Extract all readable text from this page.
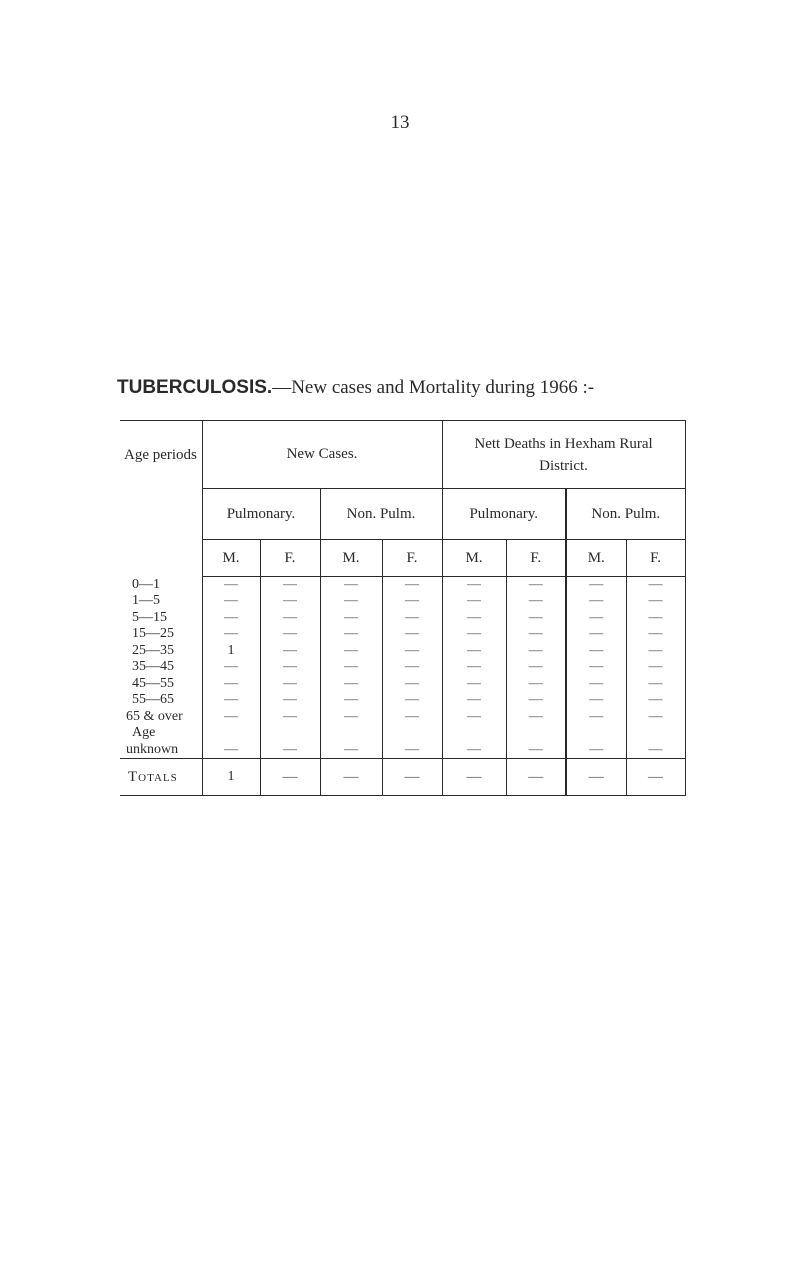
13
TUBERCULOSIS.—New cases and Mortality during 1966 :-
Age periods	New Cases.				Nett Deaths in Hexham Rural District.			
	Pulmonary.		Non. Pulm.		Pulmonary.		Non. Pulm.	
	M.	F.	M.	F.	M.	F.	M.	F.
0—1	—	—	—	—	—	—	—	—
1—5	—	—	—	—	—	—	—	—
5—15	—	—	—	—	—	—	—	—
15—25	—	—	—	—	—	—	—	—
25—35	1	—	—	—	—	—	—	—
35—45	—	—	—	—	—	—	—	—
45—55	—	—	—	—	—	—	—	—
55—65	—	—	—	—	—	—	—	—
65 & over	—	—	—	—	—	—	—	—
Age								
unknown	—	—	—	—	—	—	—	—
Totals	1	—	—	—	—	—	—	—
